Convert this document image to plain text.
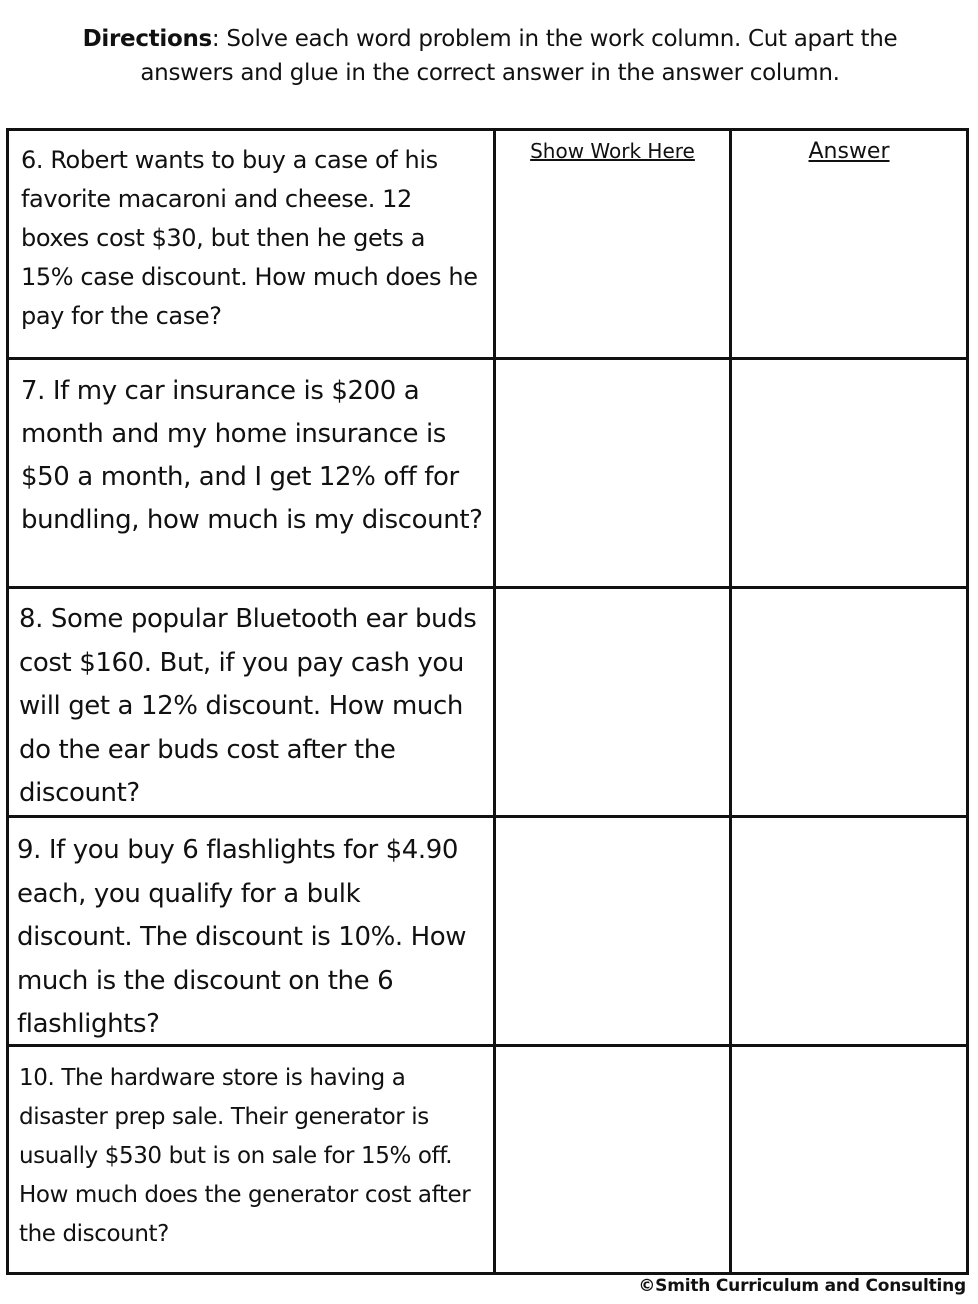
Directions: Solve each word problem in the work column. Cut apart the answers and glue in the correct answer in the answer column.
Show Work Here	Answer

6. Robert wants to buy a case of his favorite macaroni and cheese. 12 boxes cost $30, but then he gets a 15% case discount. How much does he pay for the case?

7. If my car insurance is $200 a month and my home insurance is $50 a month, and I get 12% off for bundling, how much is my discount?

8. Some popular Bluetooth ear buds cost $160. But, if you pay cash you will get a 12% discount. How much do the ear buds cost after the discount?

9. If you buy 6 flashlights for $4.90 each, you qualify for a bulk discount. The discount is 10%. How much is the discount on the 6 flashlights?

10. The hardware store is having a disaster prep sale. Their generator is usually $530 but is on sale for 15% off. How much does the generator cost after the discount?

©Smith Curriculum and Consulting
